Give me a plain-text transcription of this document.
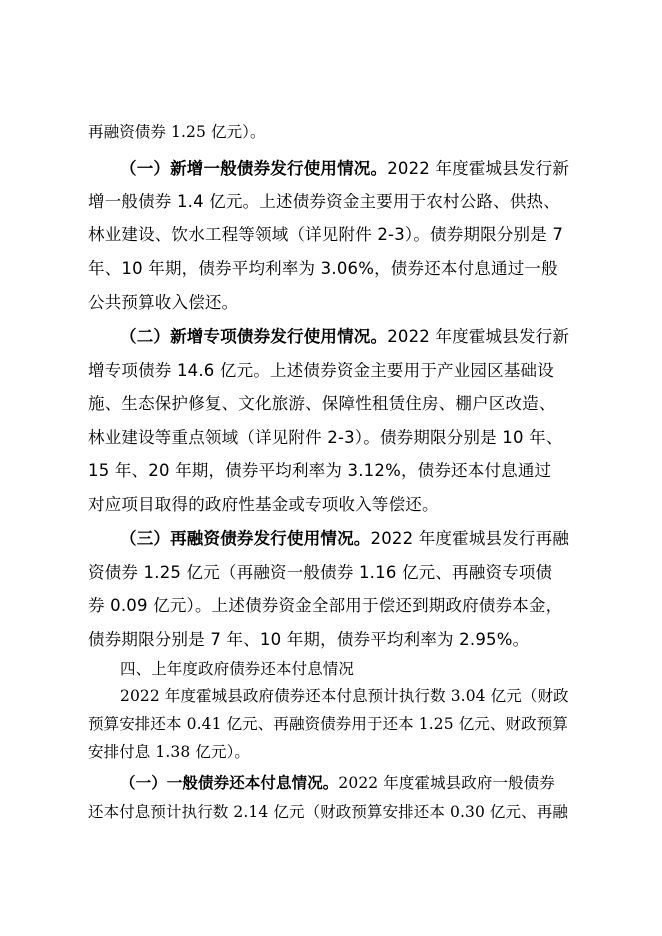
再融资债券 1.25 亿元）。
（一）新增一般债券发行使用情况。2022 年度霍城县发行新
增一般债券 1.4 亿元。上述债券资金主要用于农村公路、供热、
林业建设、饮水工程等领域（详见附件 2-3）。债券期限分别是 7
年、10 年期，债券平均利率为 3.06%，债券还本付息通过一般
公共预算收入偿还。
（二）新增专项债券发行使用情况。2022 年度霍城县发行新
增专项债券 14.6 亿元。上述债券资金主要用于产业园区基础设
施、生态保护修复、文化旅游、保障性租赁住房、棚户区改造、
林业建设等重点领域（详见附件 2-3）。债券期限分别是 10 年、
15 年、20 年期，债券平均利率为 3.12%，债券还本付息通过
对应项目取得的政府性基金或专项收入等偿还。
（三）再融资债券发行使用情况。2022 年度霍城县发行再融
资债券 1.25 亿元（再融资一般债券 1.16 亿元、再融资专项债
券 0.09 亿元）。上述债券资金全部用于偿还到期政府债券本金，
债券期限分别是 7 年、10 年期，债券平均利率为 2.95%。
四、上年度政府债券还本付息情况
2022 年度霍城县政府债券还本付息预计执行数 3.04 亿元（财政
预算安排还本 0.41 亿元、再融资债券用于还本 1.25 亿元、财政预算
安排付息 1.38 亿元）。
（一）一般债券还本付息情况。2022 年度霍城县政府一般债券
还本付息预计执行数 2.14 亿元（财政预算安排还本 0.30 亿元、再融
